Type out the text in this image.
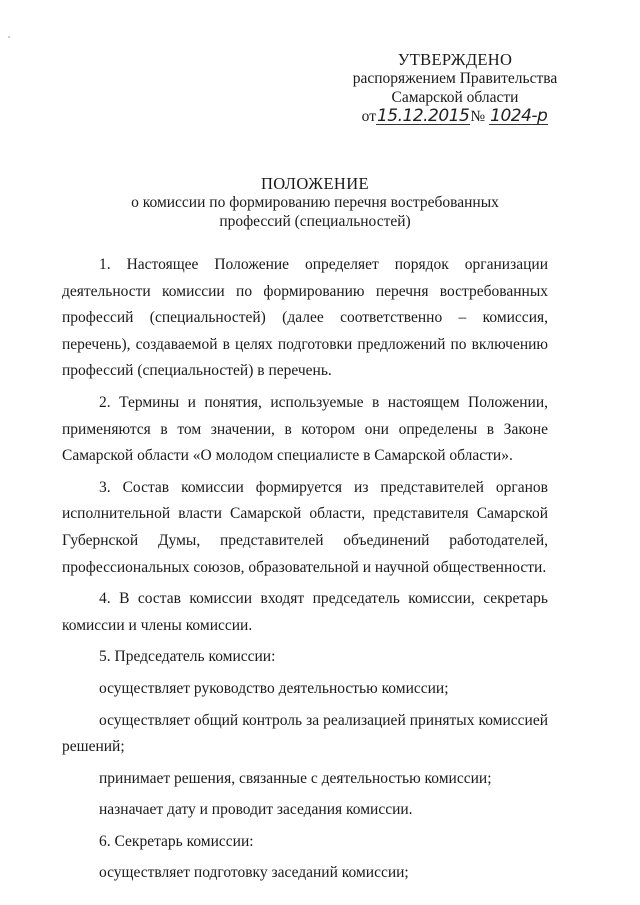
УТВЕРЖДЕНО
распоряжением Правительства
Самарской области
от 15.12.2015 № 1024-р
ПОЛОЖЕНИЕ
о комиссии по формированию перечня востребованных
профессий (специальностей)

1. Настоящее Положение определяет порядок организации деятельности комиссии по формированию перечня востребованных профессий (специальностей) (далее соответственно – комиссия, перечень), создаваемой в целях подготовки предложений по включению профессий (специальностей) в перечень.

2. Термины и понятия, используемые в настоящем Положении, применяются в том значении, в котором они определены в Законе Самарской области «О молодом специалисте в Самарской области».

3. Состав комиссии формируется из представителей органов исполнительной власти Самарской области, представителя Самарской Губернской Думы, представителей объединений работодателей, профессиональных союзов, образовательной и научной общественности.

4. В состав комиссии входят председатель комиссии, секретарь комиссии и члены комиссии.

5. Председатель комиссии:

осуществляет руководство деятельностью комиссии;

осуществляет общий контроль за реализацией принятых комиссией решений;

принимает решения, связанные с деятельностью комиссии;

назначает дату и проводит заседания комиссии.

6. Секретарь комиссии:

осуществляет подготовку заседаний комиссии;
